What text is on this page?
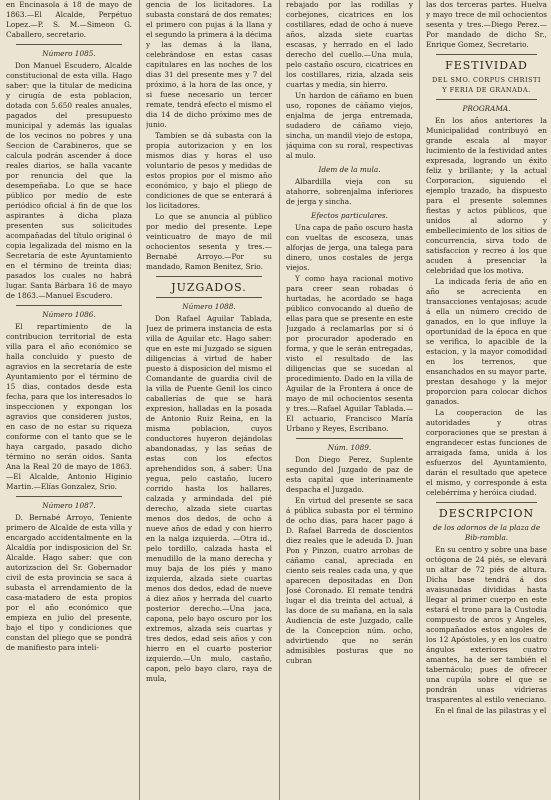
en Encinasola á 18 de mayo de 1863.—El Alcalde, Perpétuo Lopez.—P. S. M.—Simeon G. Caballero, secretario.

Número 1085.

Don Manuel Escudero, Alcalde constitucional de esta villa. Hago saber: que la titular de medicina y cirugía de esta poblacion, dotada con 5.650 reales anuales, pagados del presupuesto municipal y además las igualas de los vecinos no pobres y una Seccion de Carabineros, que se calcula podrán ascender á doce reales diarios, se halla vacante por renuncia del que la desempeñaba. Lo que se hace público por medio de este periódico oficial á fin de que los aspirantes á dicha plaza presenten sus solicitudes acompañadas del título original ó copia legalizada del mismo en la Secretaría de este Ayuntamiento en el término de treinta dias; pasados los cuales no habrá lugar. Santa Bárbara 16 de mayo de 1863.—Manuel Escudero.

Número 1086.

El repartimiento de la contribucion territorial de esta villa para el año económico se halla concluido y puesto de agravios en la secretaría de este Ayuntamiento por el término de 15 dias, contados desde esta fecha, para que los interesados lo inspeccionen y expongan los agravios que consideren justos, en caso de no estar su riqueza conforme con el tanto que se le haya cargado, pasado dicho término no serán oidos. Santa Ana la Real 20 de mayo de 1863.—El Alcalde, Antonio Higinio Martin.—Elías Gonzalez, Srio.

Número 1087.

D. Bernabé Arroyo, Teniente primero de Alcalde de esta villa y encargado accidentalmente en la Alcaldía por indisposicion del Sr. Alcalde. Hago saber: que con autorizacion del Sr. Gobernador civil de esta provincia se saca á subasta el arrendamiento de la casa-matadero de esta propios por el año económico que empieza en julio del presente, bajo el tipo y condiciones que constan del pliego que se pondrá de manifiesto para inteli-

gencia de los licitadores. La subasta constará de dos remates; el primero con pujas á la llana y el segundo la primera á la décima y las demas á la llana, celebrándose en estas casas capitulares en las noches de los dias 31 del presente mes y 7 del próximo, á la hora de las once, y si fuese necesario un tercer remate, tendrá efecto el mismo el dia 14 de dicho próximo mes de junio.

Tambien se dá subasta con la propia autorizacion y en los mismos dias y horas el uso voluntario de pesos y medidas de estos propios por el mismo año económico, y bajo el pliego de condiciones de que se enterará á los licitadores.

Lo que se anuncia al público por medio del presente. Lepe veinticuatro de mayo de mil ochocientos sesenta y tres.—Bernabé Arroyo.—Por su mandado, Ramon Benitez, Srio.

JUZGADOS.

Número 1088.

Don Rafael Aguilar Tablada, Juez de primera instancia de esta villa de Aguilar etc. Hago saber: que en este mi Juzgado se siguen diligencias á virtud de haber puesto á disposicion del mismo el Comandante de guardia civil de la villa de Puente Genil los cinco caballerías de que se hará expresion, halladas en la posada de Antonio Ruiz Reina, en la misma poblacion, cuyos conductores huyeron dejándolas abandonadas, y las señas de estas con los efectos aprehendidos son, á saber: Una yegua, pelo castaño, lucero corrido hasta los hallares, calzada y armindada del pié derecho, alzada siete cuartas menos dos dedos, de ocho á nueve años de edad y con hierro en la nalga izquierda. —Otra id., pelo tordillo, calzada hasta el menudillo de la mano derecha y muy baja de los piés y mano izquierda, alzada siete cuartas menos dos dedos, edad de nueve á diez años y herrada del cuarto posterior derecho.—Una jaca, capona, pelo bayo oscuro por los extremos, alzada seis cuartas y tres dedos, edad seis años y con hierro en el cuarto posterior izquierdo.—Un mulo, castaño, capon, pelo bayo claro, raya de mula,

rebajado por las rodillas y corbejones, cicatrices en los costillares, edad de ocho á nueve años, alzada siete cuartas escasas, y herrado en el lado derecho del cuello.—Una mula, pelo castaño oscuro, cicatrices en los costillares, rizia, alzada seis cuartas y media, sin hierro.

Un hardon de cáñamo en buen uso, ropones de cáñamo viejos, enjalma de jerga entremada, sudadero de cáñamo viejo, sincha, un mandil viejo de estopa, jáquima con su roral, respectivas al mulo.

Idem de la mula.

Albardilla vieja con su atahorre, sobrenjalma inferiores de jerga y sincha.

Efectos particulares.

Una capa de paño oscuro hasta con vueltas de escoseza, unas alforjas de jerga, una talega para dinero, unos costales de jerga viejos.

Y como haya racional motivo para creer sean robadas ó hurtadas, he acordado se haga público convocando al dueño de ellas para que se presente en este Juzgado á reclamarlas por sí ó por procurador apoderado en forma, y que le serán entregadas, visto el resultado de las diligencias que se sucedan al procedimiento. Dado en la villa de Aguilar de la Frontera á once de mayo de mil ochocientos sesenta y tres.—Rafael Aguilar Tablada.—El actuario, Francisco María Urbano y Reyes, Escribano.

Núm. 1089.

Don Diego Perez, Suplente segundo del Juzgado de paz de esta capital que interinamente despacha el Juzgado.

En virtud del presente se saca á pública subasta por el término de ocho dias, para hacer pago á D. Rafael Barreda de doscientos diez reales que le adeuda D. Juan Pon y Pinzon, cuatro arrobas de cáñamo canal, apreciada en ciento seis reales cada una, y que aparecen depositadas en Don José Coronado. El remate tendrá lugar el dia treinta del actual, á las doce de su mañana, en la sala Audiencia de este Juzgado, calle de la Concepcion núm. ocho, advirtiendo que no serán admisibles posturas que no cubran

las dos terceras partes. Huelva y mayo trece de mil ochocientos sesenta y tres.—Diego Perez.—Por mandado de dicho Sr., Enrique Gomez, Secretario.

FESTIVIDAD

DEL SMO. CORPUS CHRISTI

Y FERIA DE GRANADA.

PROGRAMA.

En los años anteriores la Municipalidad contribuyó en grande escala al mayor lucimiento de la festividad antes expresada, logrando un éxito feliz y brillante; y la actual Corporacion, siguiendo el ejemplo trazado, ha dispuesto para el presente solemnes fiestas y actos públicos, que unidos al adorno y embellecimiento de los sitios de concurrencia, sirva todo de satisfaccion y recreo á los que acuden á presenciar la celebridad que los motiva.

La indicada feria de año en año se acrecienta en transacciones ventajosas; acude á ella un número crecido de ganados, en lo que influye la oportunidad de la época en que se verifica, lo apacible de la estacion, y la mayor comodidad en los terrenos, que ensanchados en su mayor parte, prestan desahogo y la mejor proporcion para colocar dichos ganados.

La cooperacion de las autoridades y otras corporaciones que se prestan á engrandecer estas funciones de arraigada fama, unida á los esfuerzos del Ayuntamiento, darán el resultado que apetece el mismo, y corresponde á esta celebérrima y heróica ciudad.

DESCRIPCION

de los adornos de la plaza de Bib-rambla.

En su centro y sobre una base octógona de 24 piés, se elevará un altar de 72 piés de altura. Dicha base tendrá á dos avaisunadas divididas hasta llegar al primer cuerpo en este estará el trono para la Custodia compuesto de arcos y Angeles, acompañados estos angoles de los 12 Apóstoles, y en los cuatro ángulos exteriores cuatro amantes, ha de ser también el tabernáculo; pues de ofrecer una cupúla sobre el que se pondrán unas vidrieras trasparentes al estilo veneciano.

En el final de las pilastras y el
